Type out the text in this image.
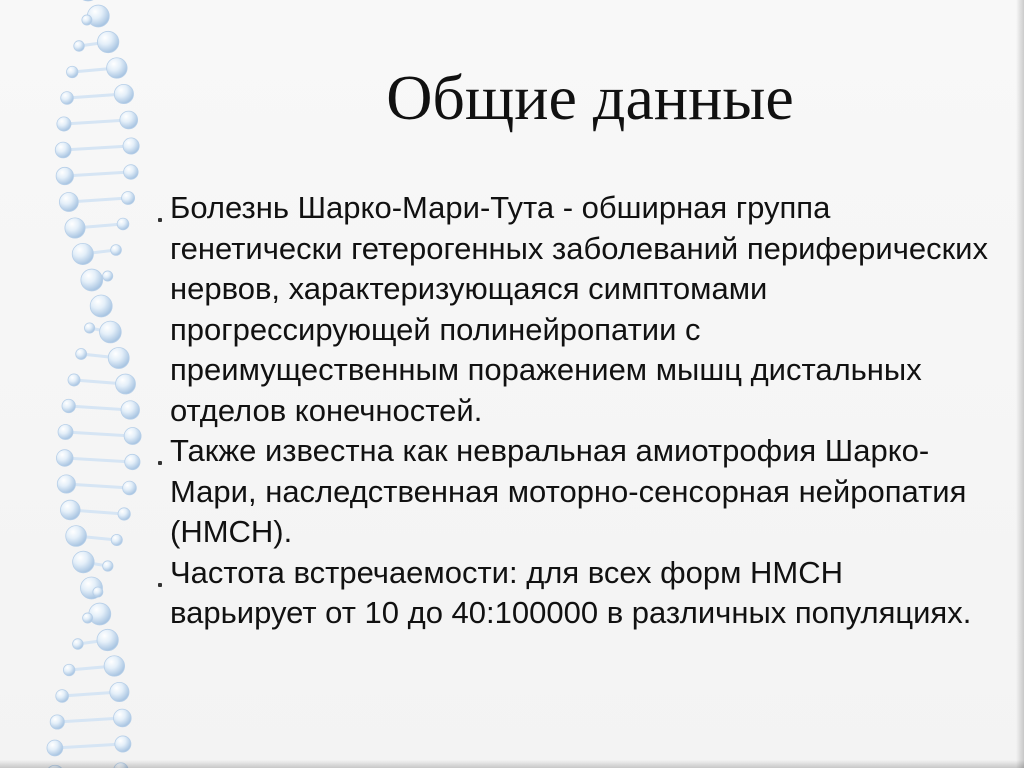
Общие данные
Болезнь Шарко-Мари-Тута - обширная группа генетически гетерогенных заболеваний периферических нервов, характеризующаяся симптомами прогрессирующей полинейропатии с преимущественным поражением мышц дистальных отделов конечностей.
Также известна как невральная амиотрофия Шарко-Мари, наследственная моторно-сенсорная нейропатия (НМСН).
Частота встречаемости: для всех форм НМСН варьирует от 10 до 40:100000 в различных популяциях.
